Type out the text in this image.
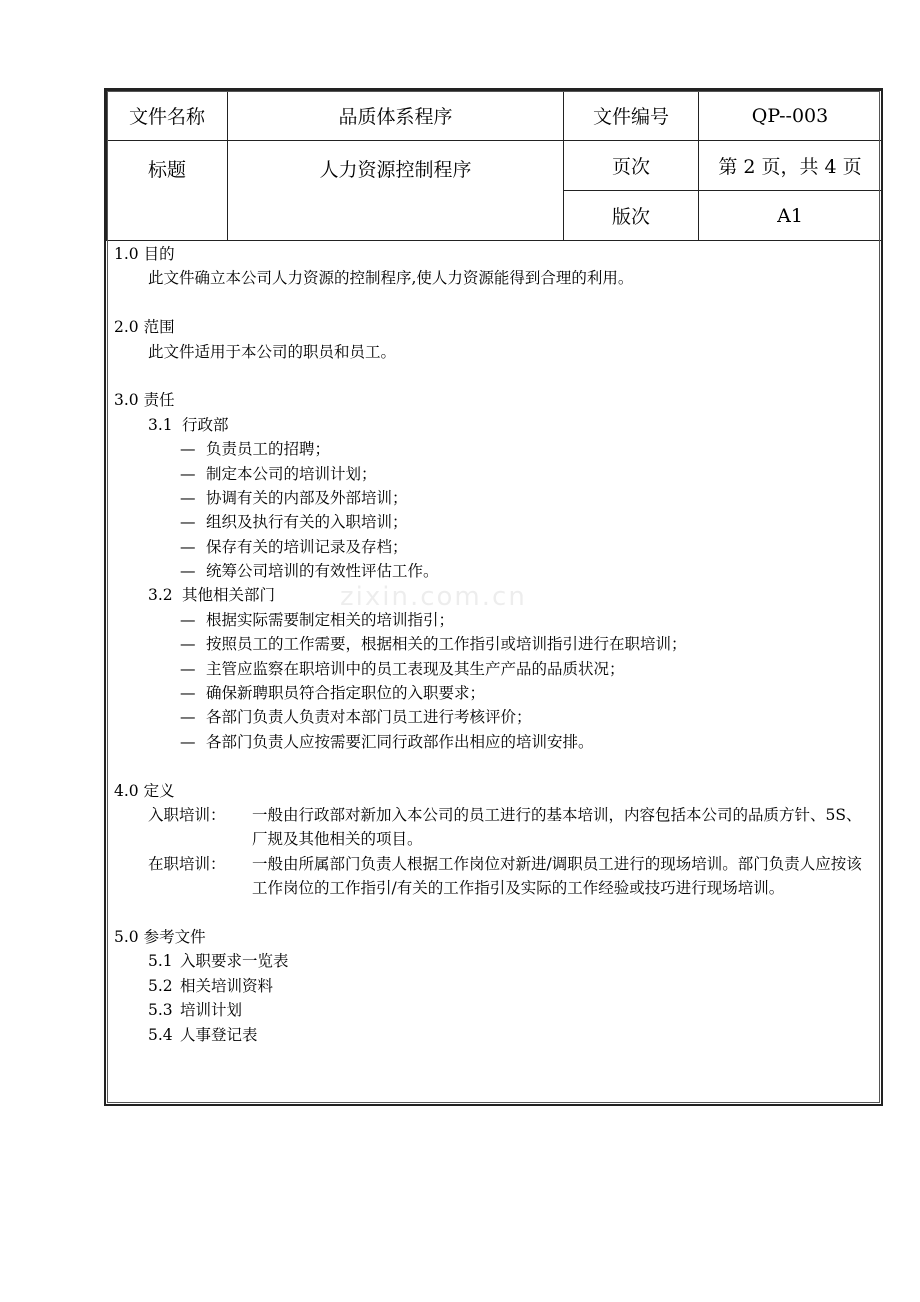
文件名称	品质体系程序	文件编号	QP--003
标题	人力资源控制程序	页次	第 2 页，共 4 页
		版次	A1
1.0 目的
此文件确立本公司人力资源的控制程序,使人力资源能得到合理的利用。
2.0 范围
此文件适用于本公司的职员和员工。
3.0 责任
3.1 行政部
— 负责员工的招聘；
— 制定本公司的培训计划；
— 协调有关的内部及外部培训；
— 组织及执行有关的入职培训；
— 保存有关的培训记录及存档；
— 统筹公司培训的有效性评估工作。
3.2 其他相关部门
— 根据实际需要制定相关的培训指引；
— 按照员工的工作需要，根据相关的工作指引或培训指引进行在职培训；
— 主管应监察在职培训中的员工表现及其生产产品的品质状况；
— 确保新聘职员符合指定职位的入职要求；
— 各部门负责人负责对本部门员工进行考核评价；
— 各部门负责人应按需要汇同行政部作出相应的培训安排。
4.0 定义
入职培训：	一般由行政部对新加入本公司的员工进行的基本培训，内容包括本公司的品质方针、5S、厂规及其他相关的项目。
在职培训：	一般由所属部门负责人根据工作岗位对新进/调职员工进行的现场培训。部门负责人应按该工作岗位的工作指引/有关的工作指引及实际的工作经验或技巧进行现场培训。
5.0 参考文件
5.1 入职要求一览表
5.2 相关培训资料
5.3 培训计划
5.4 人事登记表
zixin.com.cn
